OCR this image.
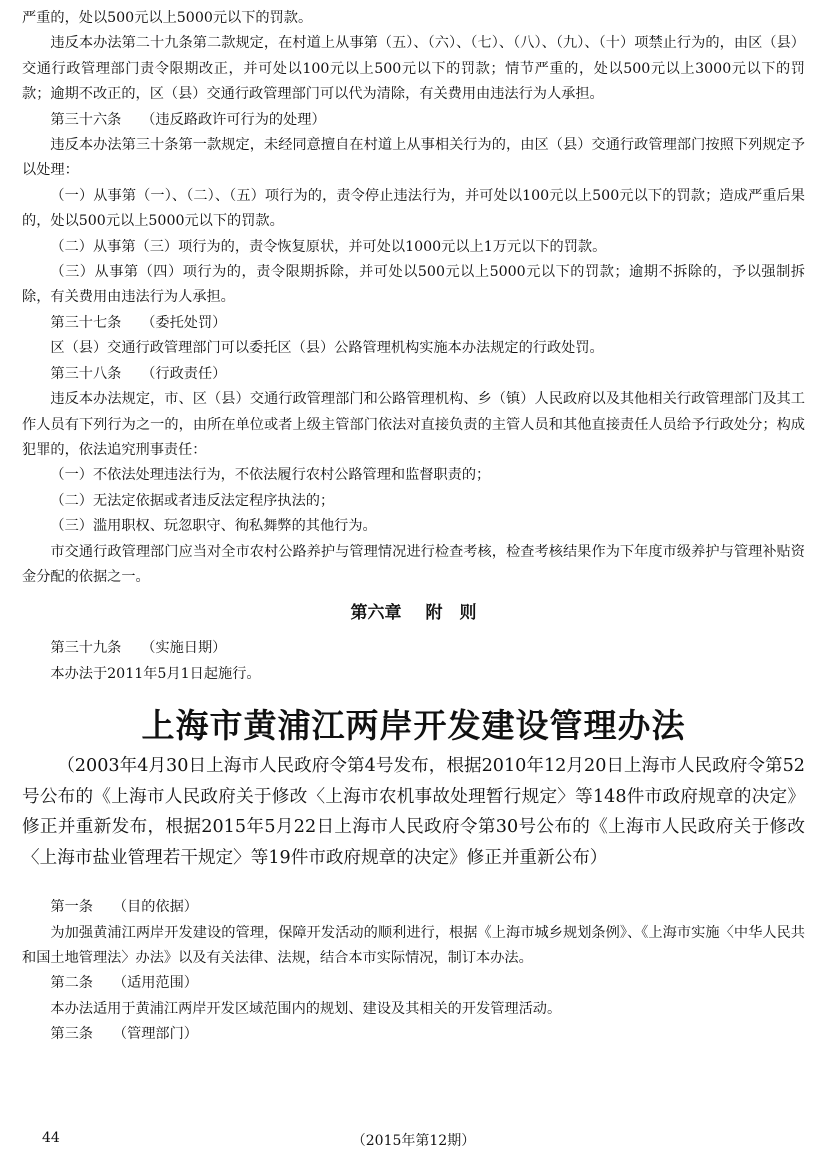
严重的，处以500元以上5000元以下的罚款。

违反本办法第二十九条第二款规定，在村道上从事第（五）、（六）、（七）、（八）、（九）、（十）项禁止行为的，由区（县）交通行政管理部门责令限期改正，并可处以100元以上500元以下的罚款；情节严重的，处以500元以上3000元以下的罚款；逾期不改正的，区（县）交通行政管理部门可以代为清除，有关费用由违法行为人承担。

第三十六条 （违反路政许可行为的处理）

违反本办法第三十条第一款规定，未经同意擅自在村道上从事相关行为的，由区（县）交通行政管理部门按照下列规定予以处理：

（一）从事第（一）、（二）、（五）项行为的，责令停止违法行为，并可处以100元以上500元以下的罚款；造成严重后果的，处以500元以上5000元以下的罚款。

（二）从事第（三）项行为的，责令恢复原状，并可处以1000元以上1万元以下的罚款。

（三）从事第（四）项行为的，责令限期拆除，并可处以500元以上5000元以下的罚款；逾期不拆除的，予以强制拆除，有关费用由违法行为人承担。

第三十七条 （委托处罚）

区（县）交通行政管理部门可以委托区（县）公路管理机构实施本办法规定的行政处罚。

第三十八条 （行政责任）

违反本办法规定，市、区（县）交通行政管理部门和公路管理机构、乡（镇）人民政府以及其他相关行政管理部门及其工作人员有下列行为之一的，由所在单位或者上级主管部门依法对直接负责的主管人员和其他直接责任人员给予行政处分；构成犯罪的，依法追究刑事责任：

（一）不依法处理违法行为，不依法履行农村公路管理和监督职责的；

（二）无法定依据或者违反法定程序执法的；

（三）滥用职权、玩忽职守、徇私舞弊的其他行为。

市交通行政管理部门应当对全市农村公路养护与管理情况进行检查考核，检查考核结果作为下年度市级养护与管理补贴资金分配的依据之一。

第六章 附　则

第三十九条 （实施日期）

本办法于2011年5月1日起施行。

上海市黄浦江两岸开发建设管理办法

（2003年4月30日上海市人民政府令第4号发布，根据2010年12月20日上海市人民政府令第52号公布的《上海市人民政府关于修改〈上海市农机事故处理暂行规定〉等148件市政府规章的决定》修正并重新发布，根据2015年5月22日上海市人民政府令第30号公布的《上海市人民政府关于修改〈上海市盐业管理若干规定〉等19件市政府规章的决定》修正并重新公布）

第一条 （目的依据）

为加强黄浦江两岸开发建设的管理，保障开发活动的顺利进行，根据《上海市城乡规划条例》、《上海市实施〈中华人民共和国土地管理法〉办法》以及有关法律、法规，结合本市实际情况，制订本办法。

第二条 （适用范围）

本办法适用于黄浦江两岸开发区域范围内的规划、建设及其相关的开发管理活动。

第三条 （管理部门）

44	（2015年第12期）
